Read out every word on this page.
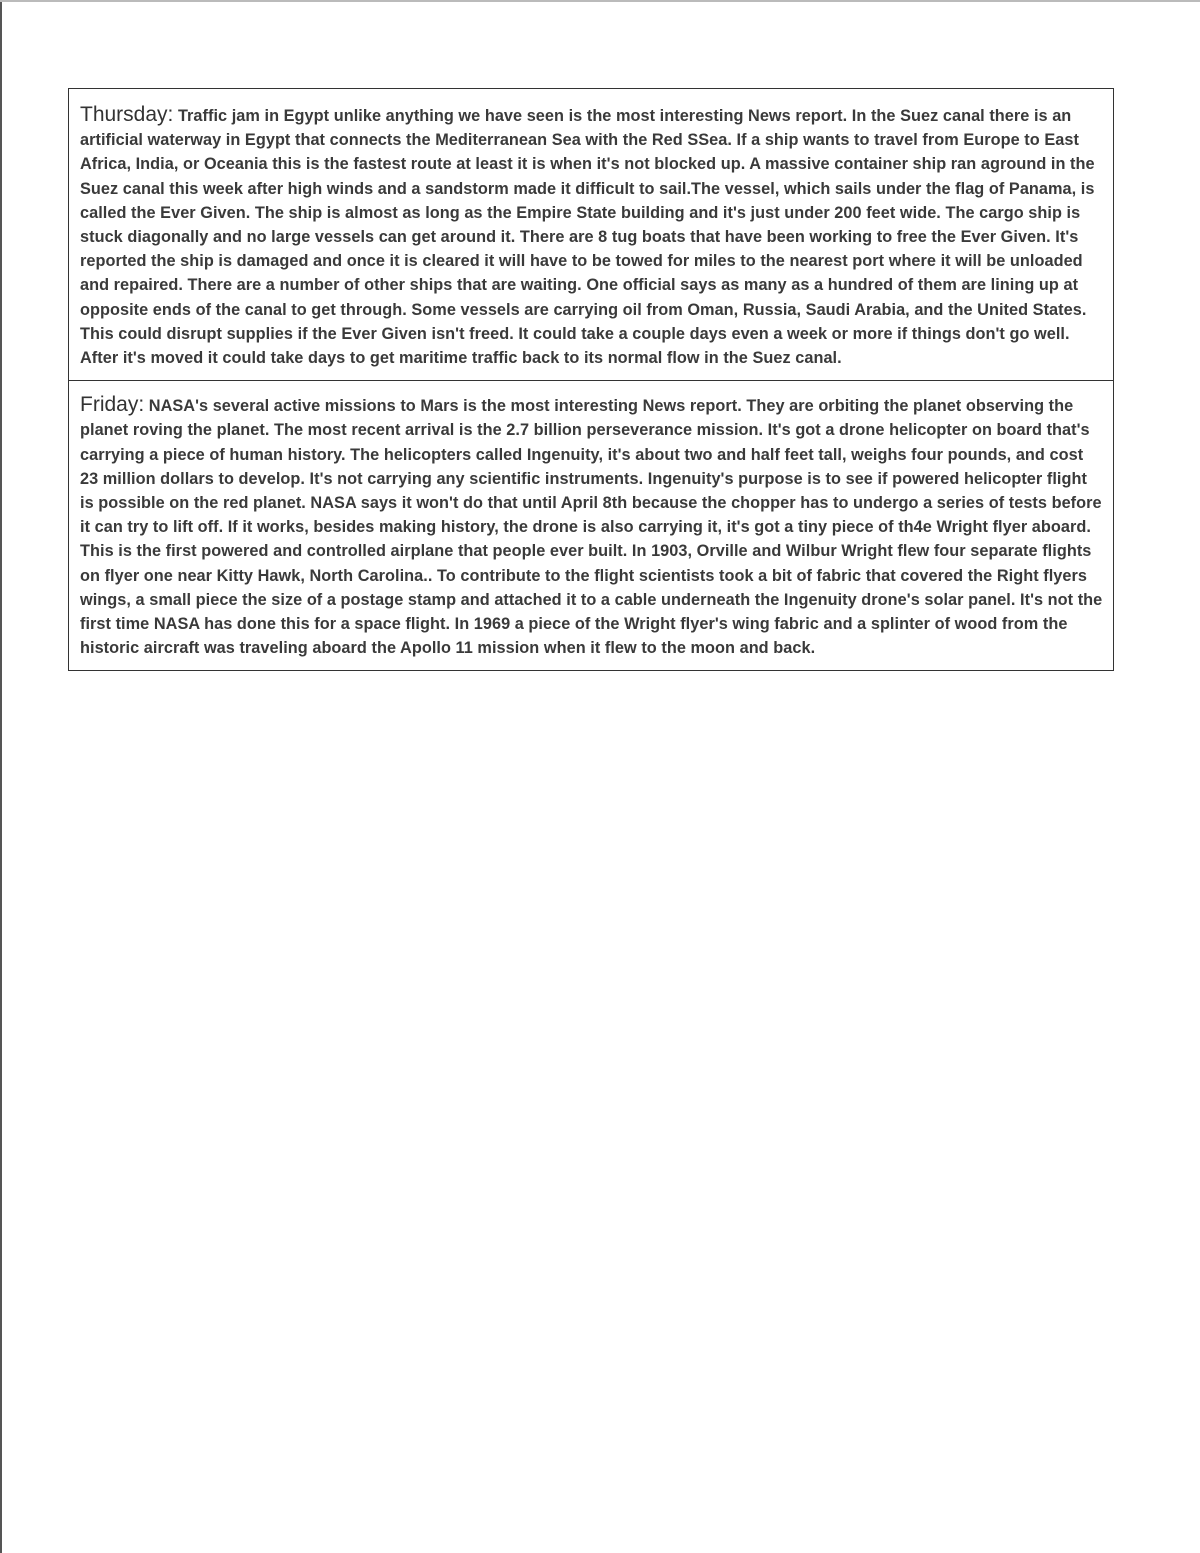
Thursday: Traffic jam in Egypt unlike anything we have seen is the most interesting News report. In the Suez canal there is an artificial waterway in Egypt that connects the Mediterranean Sea with the Red SSea. If a ship wants to travel from Europe to East Africa, India, or Oceania this is the fastest route at least it is when it's not blocked up. A massive container ship ran aground in the Suez canal this week after high winds and a sandstorm made it difficult to sail.The vessel, which sails under the flag of Panama, is called the Ever Given. The ship is almost as long as the Empire State building and it's just under 200 feet wide. The cargo ship is stuck diagonally and no large vessels can get around it. There are 8 tug boats that have been working to free the Ever Given. It's reported the ship is damaged and once it is cleared it will have to be towed for miles to the nearest port where it will be unloaded and repaired. There are a number of other ships that are waiting. One official says as many as a hundred of them are lining up at opposite ends of the canal to get through. Some vessels are carrying oil from Oman, Russia, Saudi Arabia, and the United States. This could disrupt supplies if the Ever Given isn't freed. It could take a couple days even a week or more if things don't go well. After it's moved it could take days to get maritime traffic back to its normal flow in the Suez canal.
Friday: NASA's several active missions to Mars is the most interesting News report. They are orbiting the planet observing the planet roving the planet. The most recent arrival is the 2.7 billion perseverance mission. It's got a drone helicopter on board that's carrying a piece of human history. The helicopters called Ingenuity, it's about two and half feet tall, weighs four pounds, and cost 23 million dollars to develop. It's not carrying any scientific instruments. Ingenuity's purpose is to see if powered helicopter flight is possible on the red planet. NASA says it won't do that until April 8th because the chopper has to undergo a series of tests before it can try to lift off. If it works, besides making history, the drone is also carrying it, it's got a tiny piece of th4e Wright flyer aboard. This is the first powered and controlled airplane that people ever built. In 1903, Orville and Wilbur Wright flew four separate flights on flyer one near Kitty Hawk, North Carolina.. To contribute to the flight scientists took a bit of fabric that covered the Right flyers wings, a small piece the size of a postage stamp and attached it to a cable underneath the Ingenuity drone's solar panel. It's not the first time NASA has done this for a space flight. In 1969 a piece of the Wright flyer's wing fabric and a splinter of wood from the historic aircraft was traveling aboard the Apollo 11 mission when it flew to the moon and back.
